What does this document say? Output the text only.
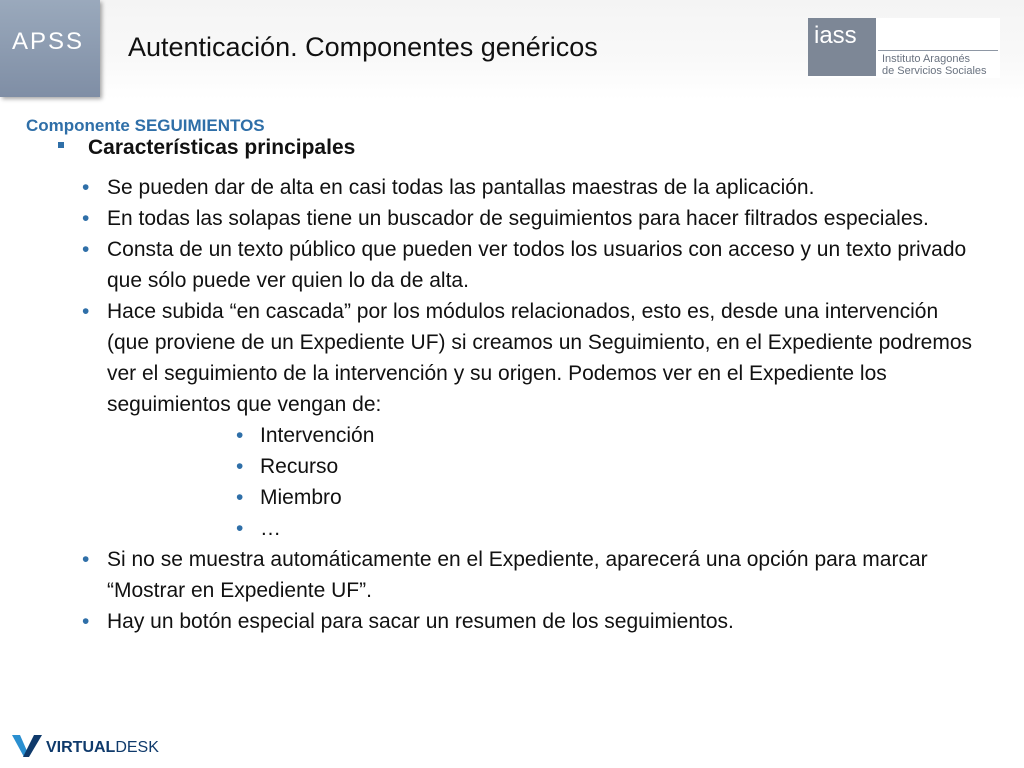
APSS Autenticación. Componentes genéricos	iass
Instituto Aragonés
de Servicios Sociales
Componente SEGUIMIENTOS
Características principales
• Se pueden dar de alta en casi todas las pantallas maestras de la aplicación.
• En todas las solapas tiene un buscador de seguimientos para hacer filtrados especiales.
• Consta de un texto público que pueden ver todos los usuarios con acceso y un texto privado que sólo puede ver quien lo da de alta.
• Hace subida “en cascada” por los módulos relacionados, esto es, desde una intervención (que proviene de un Expediente UF) si creamos un Seguimiento, en el Expediente podremos ver el seguimiento de la intervención y su origen. Podemos ver en el Expediente los seguimientos que vengan de:
• Intervención
• Recurso
• Miembro
• …
• Si no se muestra automáticamente en el Expediente, aparecerá una opción para marcar “Mostrar en Expediente UF”.
• Hay un botón especial para sacar un resumen de los seguimientos.
VIRTUALDESK
